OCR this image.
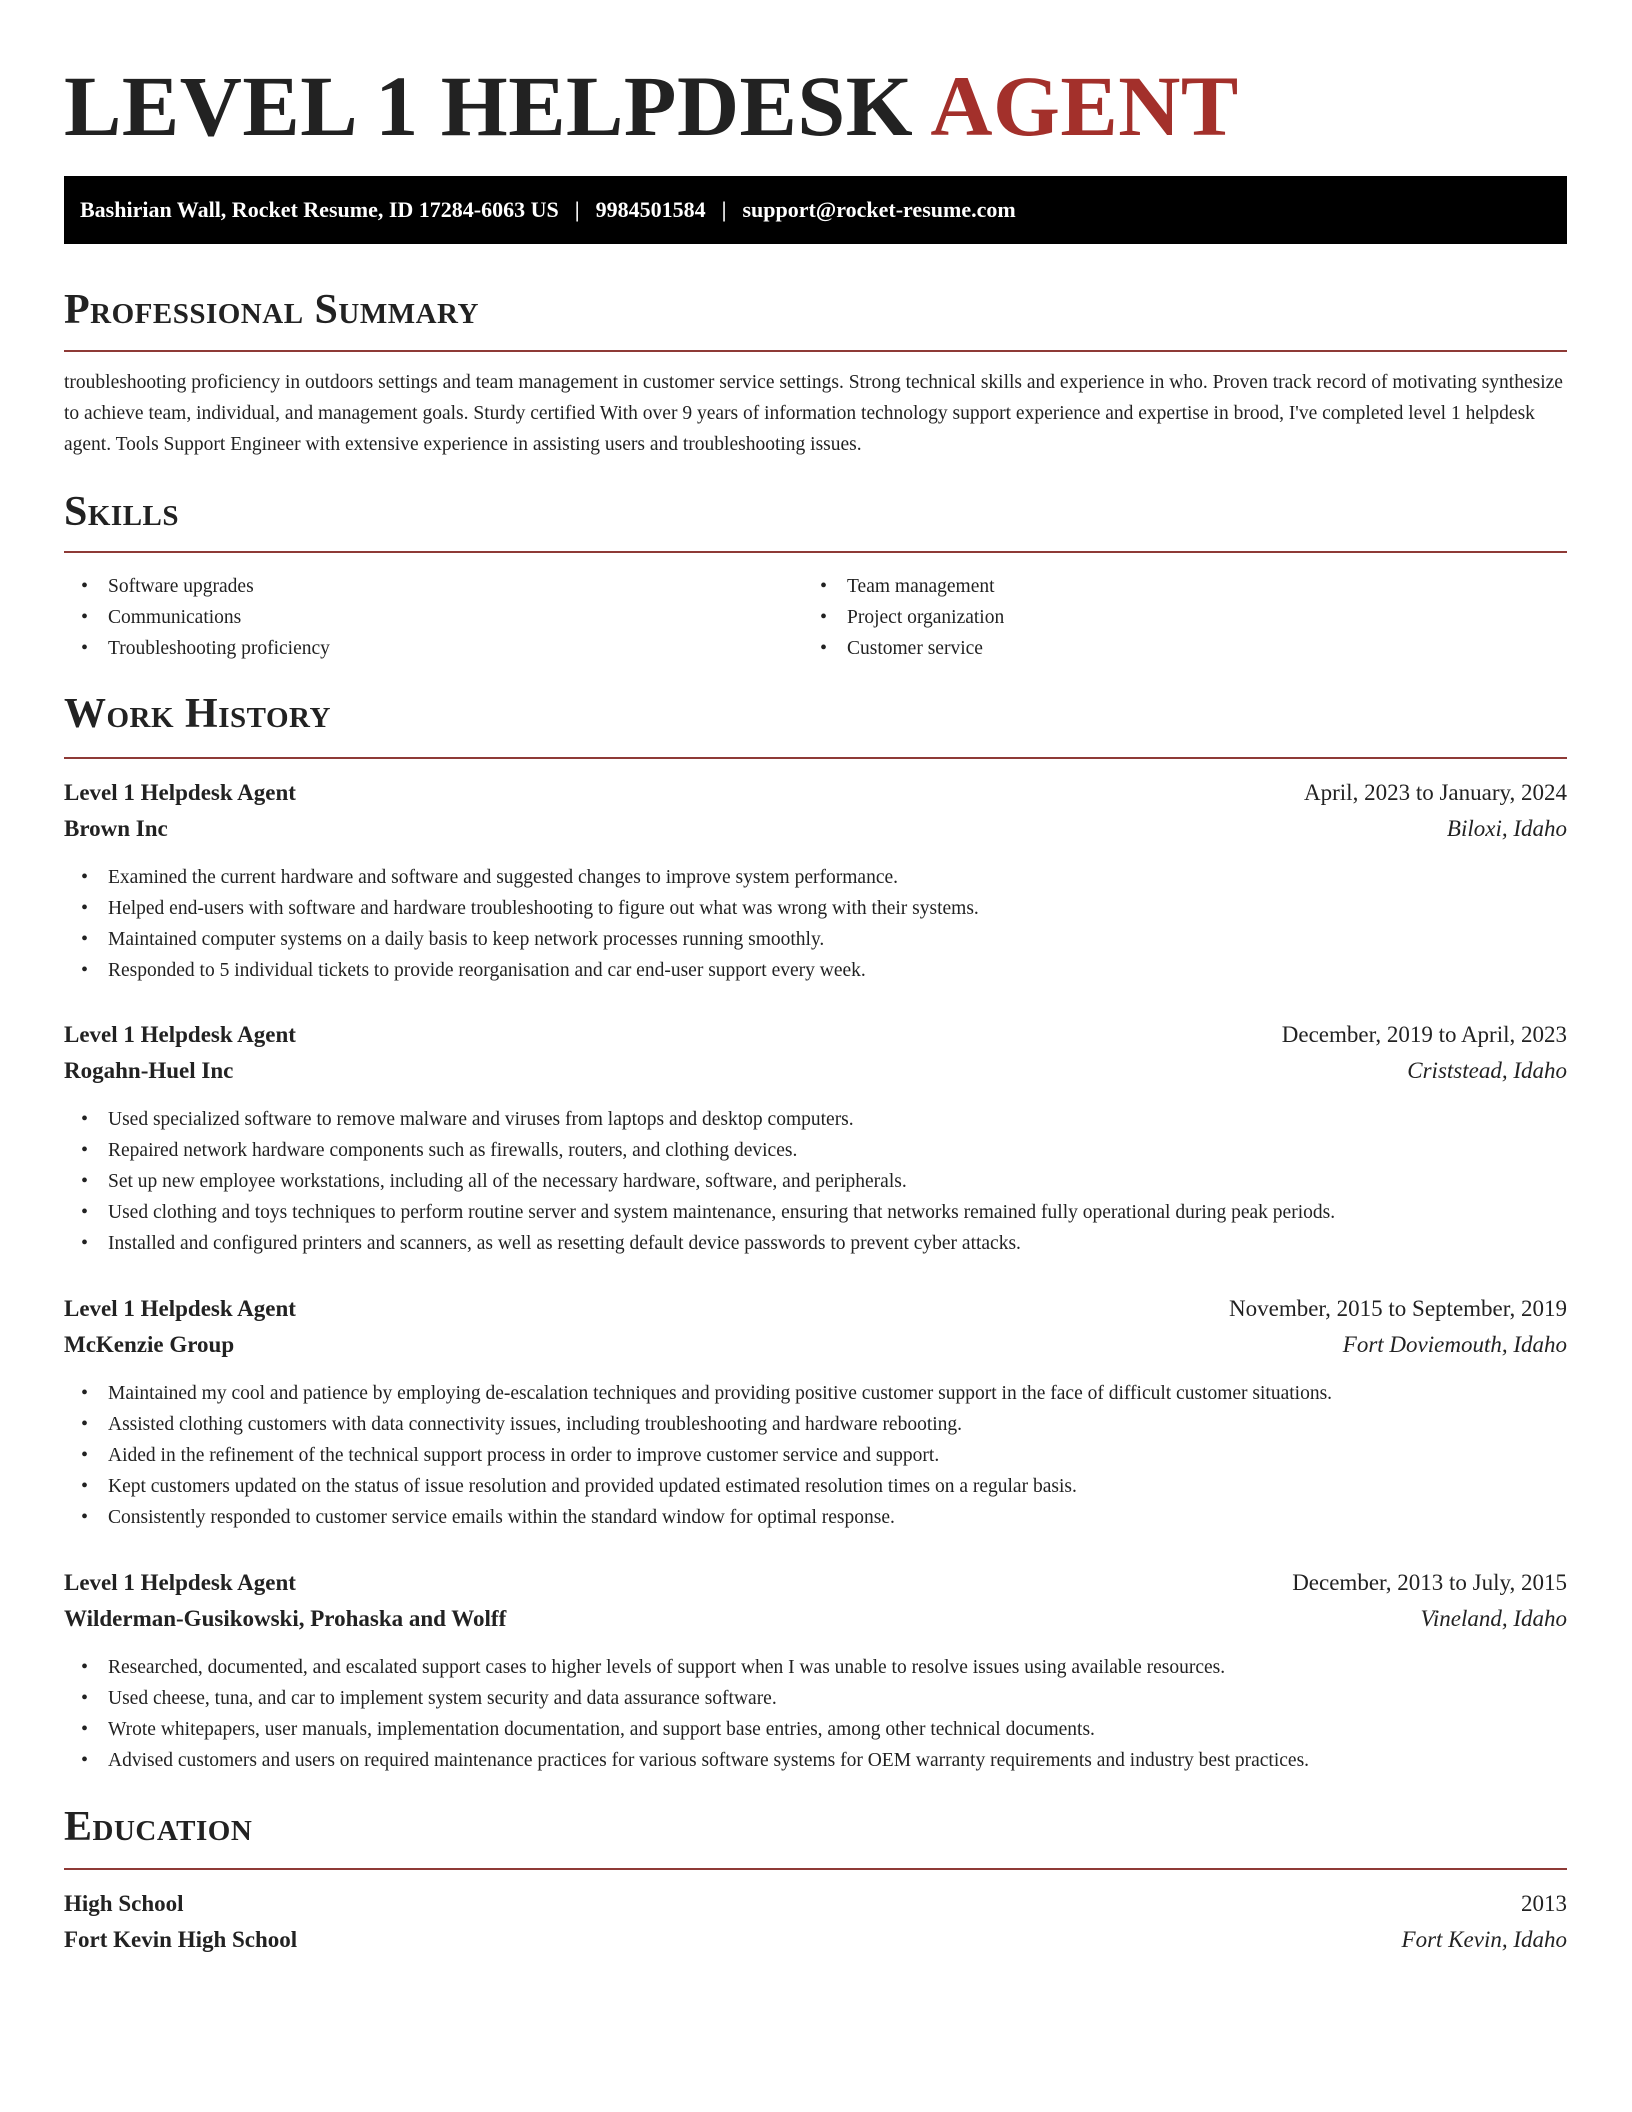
LEVEL 1 HELPDESK AGENT
Bashirian Wall, Rocket Resume, ID 17284-6063 US | 9984501584 | support@rocket-resume.com
Professional Summary

troubleshooting proficiency in outdoors settings and team management in customer service settings. Strong technical skills and experience in who. Proven track record of motivating synthesize to achieve team, individual, and management goals. Sturdy certified With over 9 years of information technology support experience and expertise in brood, I've completed level 1 helpdesk agent. Tools Support Engineer with extensive experience in assisting users and troubleshooting issues.

Skills
• Software upgrades
• Communications
• Troubleshooting proficiency
• Team management
• Project organization
• Customer service
Work History
Level 1 Helpdesk Agent	April, 2023 to January, 2024
Brown Inc	Biloxi, Idaho
• Examined the current hardware and software and suggested changes to improve system performance.
• Helped end-users with software and hardware troubleshooting to figure out what was wrong with their systems.
• Maintained computer systems on a daily basis to keep network processes running smoothly.
• Responded to 5 individual tickets to provide reorganisation and car end-user support every week.
Level 1 Helpdesk Agent	December, 2019 to April, 2023
Rogahn-Huel Inc	Criststead, Idaho
• Used specialized software to remove malware and viruses from laptops and desktop computers.
• Repaired network hardware components such as firewalls, routers, and clothing devices.
• Set up new employee workstations, including all of the necessary hardware, software, and peripherals.
• Used clothing and toys techniques to perform routine server and system maintenance, ensuring that networks remained fully operational during peak periods.
• Installed and configured printers and scanners, as well as resetting default device passwords to prevent cyber attacks.
Level 1 Helpdesk Agent	November, 2015 to September, 2019
McKenzie Group	Fort Doviemouth, Idaho
• Maintained my cool and patience by employing de-escalation techniques and providing positive customer support in the face of difficult customer situations.
• Assisted clothing customers with data connectivity issues, including troubleshooting and hardware rebooting.
• Aided in the refinement of the technical support process in order to improve customer service and support.
• Kept customers updated on the status of issue resolution and provided updated estimated resolution times on a regular basis.
• Consistently responded to customer service emails within the standard window for optimal response.
Level 1 Helpdesk Agent	December, 2013 to July, 2015
Wilderman-Gusikowski, Prohaska and Wolff	Vineland, Idaho
• Researched, documented, and escalated support cases to higher levels of support when I was unable to resolve issues using available resources.
• Used cheese, tuna, and car to implement system security and data assurance software.
• Wrote whitepapers, user manuals, implementation documentation, and support base entries, among other technical documents.
• Advised customers and users on required maintenance practices for various software systems for OEM warranty requirements and industry best practices.
Education
High School	2013
Fort Kevin High School	Fort Kevin, Idaho
